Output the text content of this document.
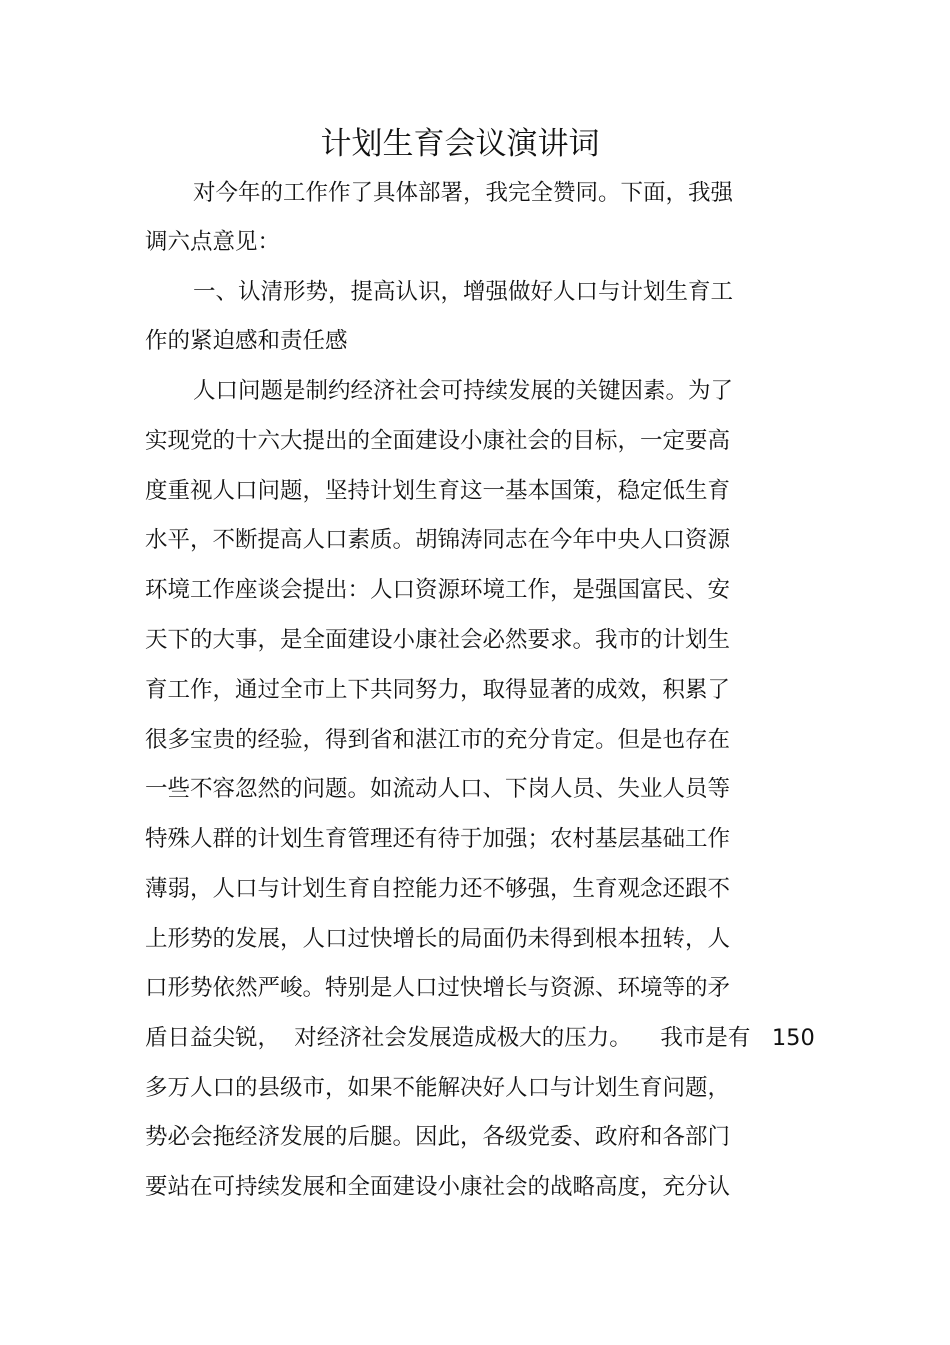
计划生育会议演讲词
对今年的工作作了具体部署，我完全赞同。下面，我强
调六点意见：
一、认清形势，提高认识，增强做好人口与计划生育工
作的紧迫感和责任感
人口问题是制约经济社会可持续发展的关键因素。为了
实现党的十六大提出的全面建设小康社会的目标，一定要高
度重视人口问题，坚持计划生育这一基本国策，稳定低生育
水平，不断提高人口素质。胡锦涛同志在今年中央人口资源
环境工作座谈会提出：人口资源环境工作，是强国富民、安
天下的大事，是全面建设小康社会必然要求。我市的计划生
育工作，通过全市上下共同努力，取得显著的成效，积累了
很多宝贵的经验，得到省和湛江市的充分肯定。但是也存在
一些不容忽然的问题。如流动人口、下岗人员、失业人员等
特殊人群的计划生育管理还有待于加强；农村基层基础工作
薄弱，人口与计划生育自控能力还不够强，生育观念还跟不
上形势的发展，人口过快增长的局面仍未得到根本扭转，人
口形势依然严峻。特别是人口过快增长与资源、环境等的矛
盾日益尖锐，  对经济社会发展造成极大的压力。    我市是有   150
多万人口的县级市，如果不能解决好人口与计划生育问题，
势必会拖经济发展的后腿。因此，各级党委、政府和各部门
要站在可持续发展和全面建设小康社会的战略高度，充分认
